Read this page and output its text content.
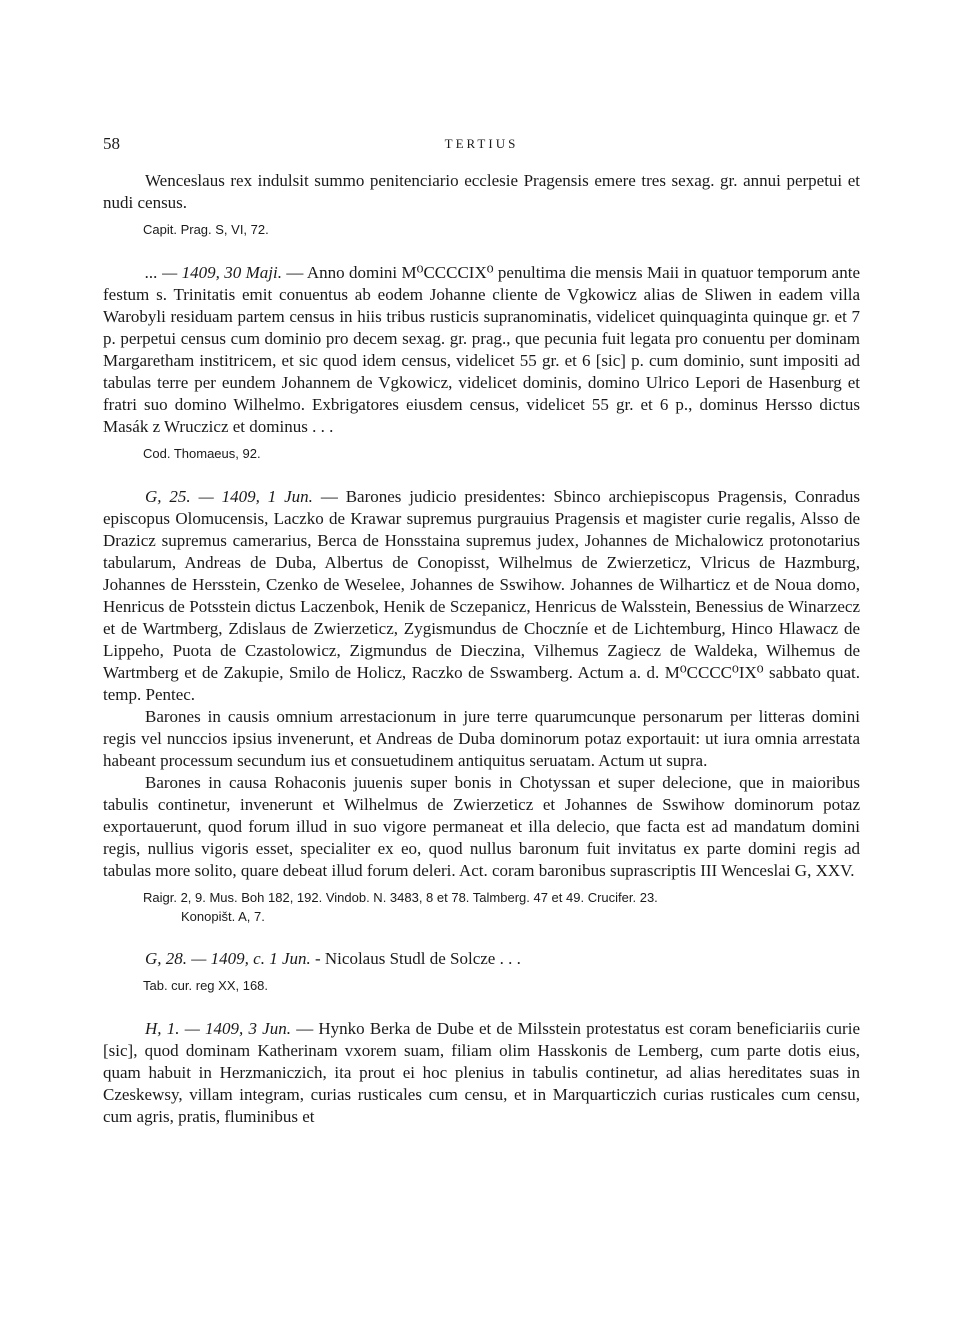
58	TERTIUS

Wenceslaus rex indulsit summo penitenciario ecclesie Pragensis emere tres sexag. gr. annui perpetui et nudi census.

Capit. Prag. S, VI, 72.

... — 1409, 30 Maji. — Anno domini M⁰CCCCIX⁰ penultima die mensis Maii in quatuor temporum ante festum s. Trinitatis emit conuentus ab eodem Johanne cliente de Vgkowicz alias de Sliwen in eadem villa Warobyli residuam partem census in hiis tribus rusticis supranominatis, videlicet quinquaginta quinque gr. et 7 p. perpetui census cum dominio pro decem sexag. gr. prag., que pecunia fuit legata pro conuentu per dominam Margaretham institricem, et sic quod idem census, videlicet 55 gr. et 6 [sic] p. cum dominio, sunt impositi ad tabulas terre per eundem Johannem de Vgkowicz, videlicet dominis, domino Ulrico Lepori de Hasenburg et fratri suo domino Wilhelmo. Exbrigatores eiusdem census, videlicet 55 gr. et 6 p., dominus Hersso dictus Masák z Wruczicz et dominus . . .

Cod. Thomaeus, 92.

G, 25. — 1409, 1 Jun. — Barones judicio presidentes: Sbinco archiepiscopus Pragensis, Conradus episcopus Olomucensis, Laczko de Krawar supremus purgrauius Pragensis et magister curie regalis, Alsso de Drazicz supremus camerarius, Berca de Honsstaina supremus judex, Johannes de Michalowicz protonotarius tabularum, Andreas de Duba, Albertus de Conopisst, Wilhelmus de Zwierzeticz, Vlricus de Hazmburg, Johannes de Hersstein, Czenko de Weselee, Johannes de Sswihow. Johannes de Wilharticz et de Noua domo, Henricus de Potsstein dictus Laczenbok, Henik de Sczepanicz, Henricus de Walsstein, Benessius de Winarzecz et de Wartmberg, Zdislaus de Zwierzeticz, Zygismundus de Choczníe et de Lichtemburg, Hinco Hlawacz de Lippeho, Puota de Czastolowicz, Zigmundus de Dieczina, Vilhemus Zagiecz de Waldeka, Wilhemus de Wartmberg et de Zakupie, Smilo de Holicz, Raczko de Sswamberg. Actum a. d. M⁰CCCC⁰IX⁰ sabbato quat. temp. Pentec.

Barones in causis omnium arrestacionum in jure terre quarumcunque personarum per litteras domini regis vel nunccios ipsius invenerunt, et Andreas de Duba dominorum potaz exportauit: ut iura omnia arrestata habeant processum secundum ius et consuetudinem antiquitus seruatam. Actum ut supra.

Barones in causa Rohaconis juuenis super bonis in Chotyssan et super delecione, que in maioribus tabulis continetur, invenerunt et Wilhelmus de Zwierzeticz et Johannes de Sswihow dominorum potaz exportauerunt, quod forum illud in suo vigore permaneat et illa delecio, que facta est ad mandatum domini regis, nullius vigoris esset, specialiter ex eo, quod nullus baronum fuit invitatus ex parte domini regis ad tabulas more solito, quare debeat illud forum deleri. Act. coram baronibus suprascriptis III Wenceslai G, XXV.

Raigr. 2, 9. Mus. Boh 182, 192. Vindob. N. 3483, 8 et 78. Talmberg. 47 et 49. Crucifer. 23.
Konopišt. A, 7.

G, 28. — 1409, c. 1 Jun. - Nicolaus Studl de Solcze . . .

Tab. cur. reg XX, 168.

H, 1. — 1409, 3 Jun. — Hynko Berka de Dube et de Milsstein protestatus est coram beneficiariis curie [sic], quod dominam Katherinam vxorem suam, filiam olim Hasskonis de Lemberg, cum parte dotis eius, quam habuit in Herzmaniczich, ita prout ei hoc plenius in tabulis continetur, ad alias hereditates suas in Czeskewsy, villam integram, curias rusticales cum censu, et in Marquarticzich curias rusticales cum censu, cum agris, pratis, fluminibus et
